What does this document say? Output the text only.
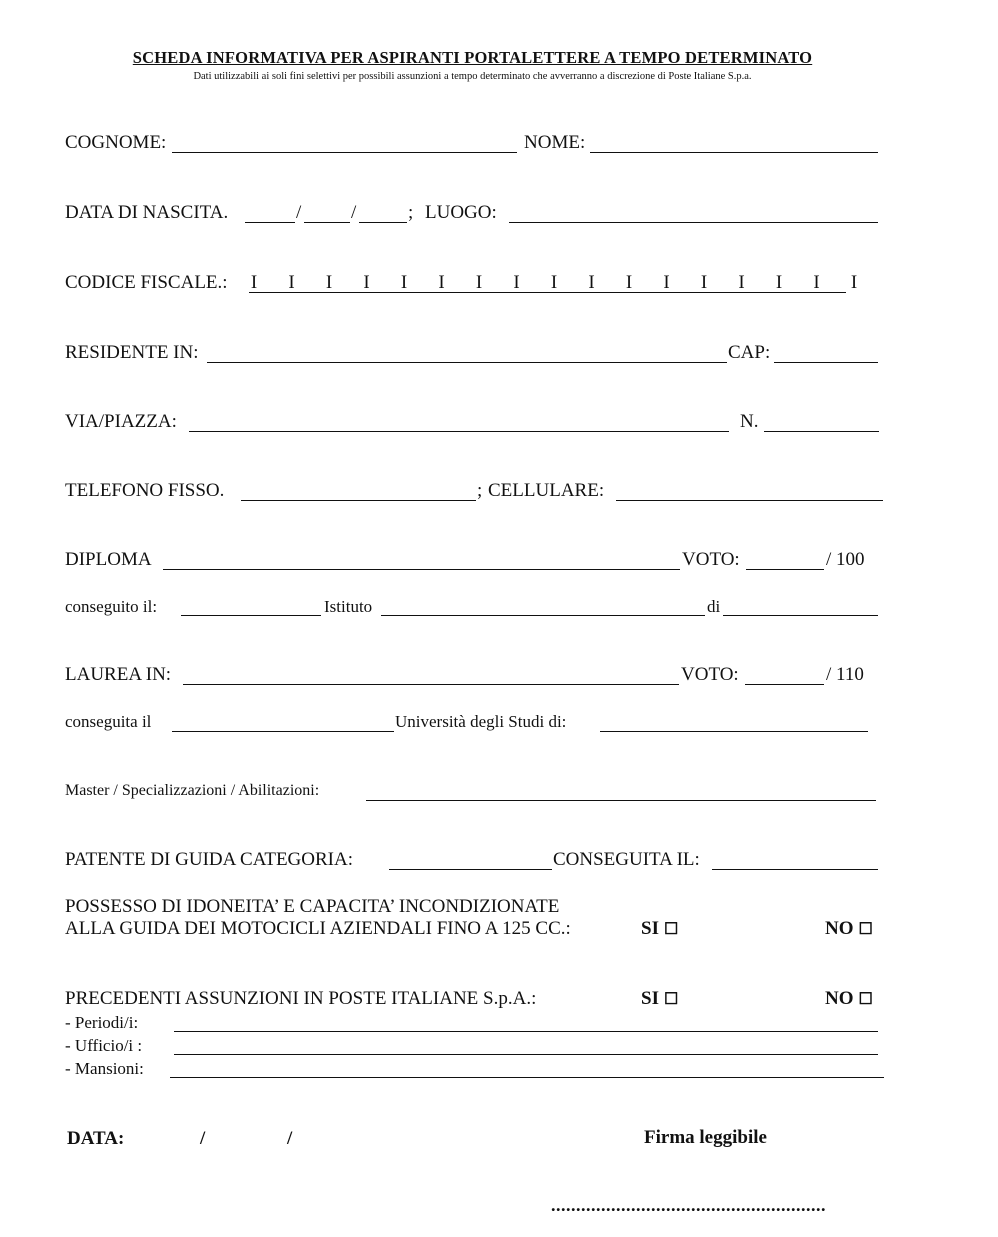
SCHEDA INFORMATIVA PER ASPIRANTI PORTALETTERE A TEMPO DETERMINATO
Dati utilizzabili ai soli fini selettivi per possibili assunzioni a tempo determinato che avverranno a discrezione di Poste Italiane S.p.a.
COGNOME:	NOME:
DATA DI NASCITA.	/	/	; LUOGO:
CODICE FISCALE.: I I I I I I I I I I I I I I I I I
RESIDENTE IN:	CAP:
VIA/PIAZZA:	N.
TELEFONO FISSO.	; CELLULARE:
DIPLOMA	VOTO:	/ 100
conseguito il:	Istituto	di
LAUREA IN:	VOTO:	/ 110
conseguita il	Università degli Studi di:
Master / Specializzazioni / Abilitazioni:
PATENTE DI GUIDA CATEGORIA:	CONSEGUITA IL:
POSSESSO DI IDONEITA’ E CAPACITA’ INCONDIZIONATE
ALLA GUIDA DEI MOTOCICLI AZIENDALI FINO A 125 CC.:	SI ☐	NO ☐
PRECEDENTI ASSUNZIONI IN POSTE ITALIANE S.p.A.:	SI ☐	NO ☐
- Periodi/i:
- Ufficio/i :
- Mansioni:
DATA:	/	/	Firma leggibile
.......................................................
